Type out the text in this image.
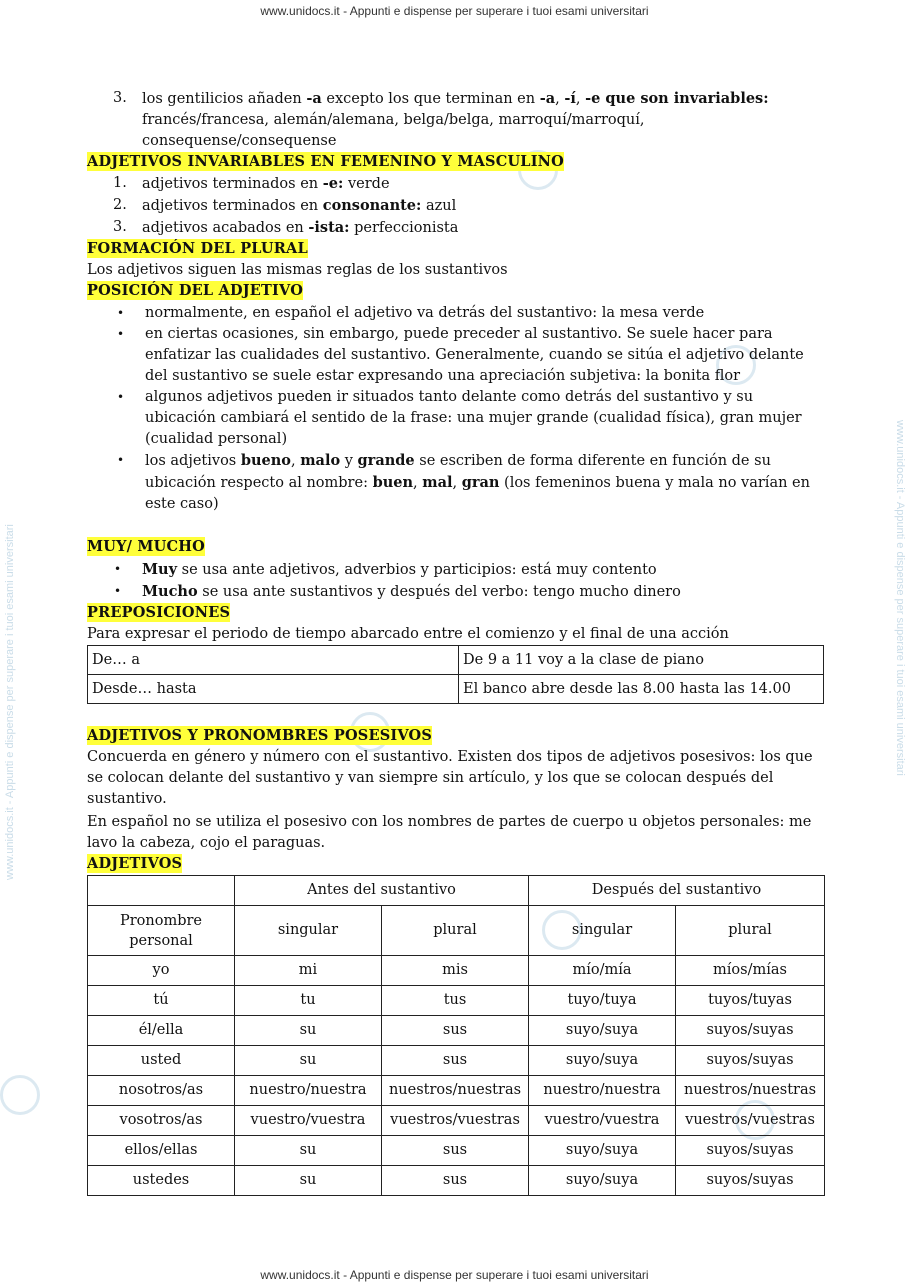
www.unidocs.it - Appunti e dispense per superare i tuoi esami universitari
www.unidocs.it - Appunti e dispense per superare i tuoi esami universitari
www.unidocs.it - Appunti e dispense per superare i tuoi esami universitari	www.unidocs.it - Appunti e dispense per superare i tuoi esami universitari
3. los gentilicios añaden -a excepto los que terminan en -a, -í, -e que son invariables:
francés/francesa, alemán/alemana, belga/belga, marroquí/marroquí,
consequense/consequense
ADJETIVOS INVARIABLES EN FEMENINO Y MASCULINO
1. adjetivos terminados en -e: verde
2. adjetivos terminados en consonante: azul
3. adjetivos acabados en -ista: perfeccionista
FORMACIÓN DEL PLURAL

Los adjetivos siguen las mismas reglas de los sustantivos

POSICIÓN DEL ADJETIVO
• normalmente, en español el adjetivo va detrás del sustantivo: la mesa verde
• en ciertas ocasiones, sin embargo, puede preceder al sustantivo. Se suele hacer para enfatizar las cualidades del sustantivo. Generalmente, cuando se sitúa el adjetivo delante del sustantivo se suele estar expresando una apreciación subjetiva: la bonita flor
• algunos adjetivos pueden ir situados tanto delante como detrás del sustantivo y su ubicación cambiará el sentido de la frase: una mujer grande (cualidad física), gran mujer (cualidad personal)
• los adjetivos bueno, malo y grande se escriben de forma diferente en función de su ubicación respecto al nombre: buen, mal, gran (los femeninos buena y mala no varían en este caso)
MUY/ MUCHO
• Muy se usa ante adjetivos, adverbios y participios: está muy contento
• Mucho se usa ante sustantivos y después del verbo: tengo mucho dinero
PREPOSICIONES

Para expresar el periodo de tiempo abarcado entre el comienzo y el final de una acción

De… a	De 9 a 11 voy a la clase de piano
Desde… hasta	El banco abre desde las 8.00 hasta las 14.00
ADJETIVOS Y PRONOMBRES POSESIVOS

Concuerda en género y número con el sustantivo. Existen dos tipos de adjetivos posesivos: los que se colocan delante del sustantivo y van siempre sin artículo, y los que se colocan después del sustantivo.

En español no se utiliza el posesivo con los nombres de partes de cuerpo u objetos personales: me lavo la cabeza, cojo el paraguas.

ADJETIVOS
	Antes del sustantivo		Después del sustantivo	
Pronombre personal	singular	plural	singular	plural
yo	mi	mis	mío/mía	míos/mías
tú	tu	tus	tuyo/tuya	tuyos/tuyas
él/ella	su	sus	suyo/suya	suyos/suyas
usted	su	sus	suyo/suya	suyos/suyas
nosotros/as	nuestro/nuestra	nuestros/nuestras	nuestro/nuestra	nuestros/nuestras
vosotros/as	vuestro/vuestra	vuestros/vuestras	vuestro/vuestra	vuestros/vuestras
ellos/ellas	su	sus	suyo/suya	suyos/suyas
ustedes	su	sus	suyo/suya	suyos/suyas
